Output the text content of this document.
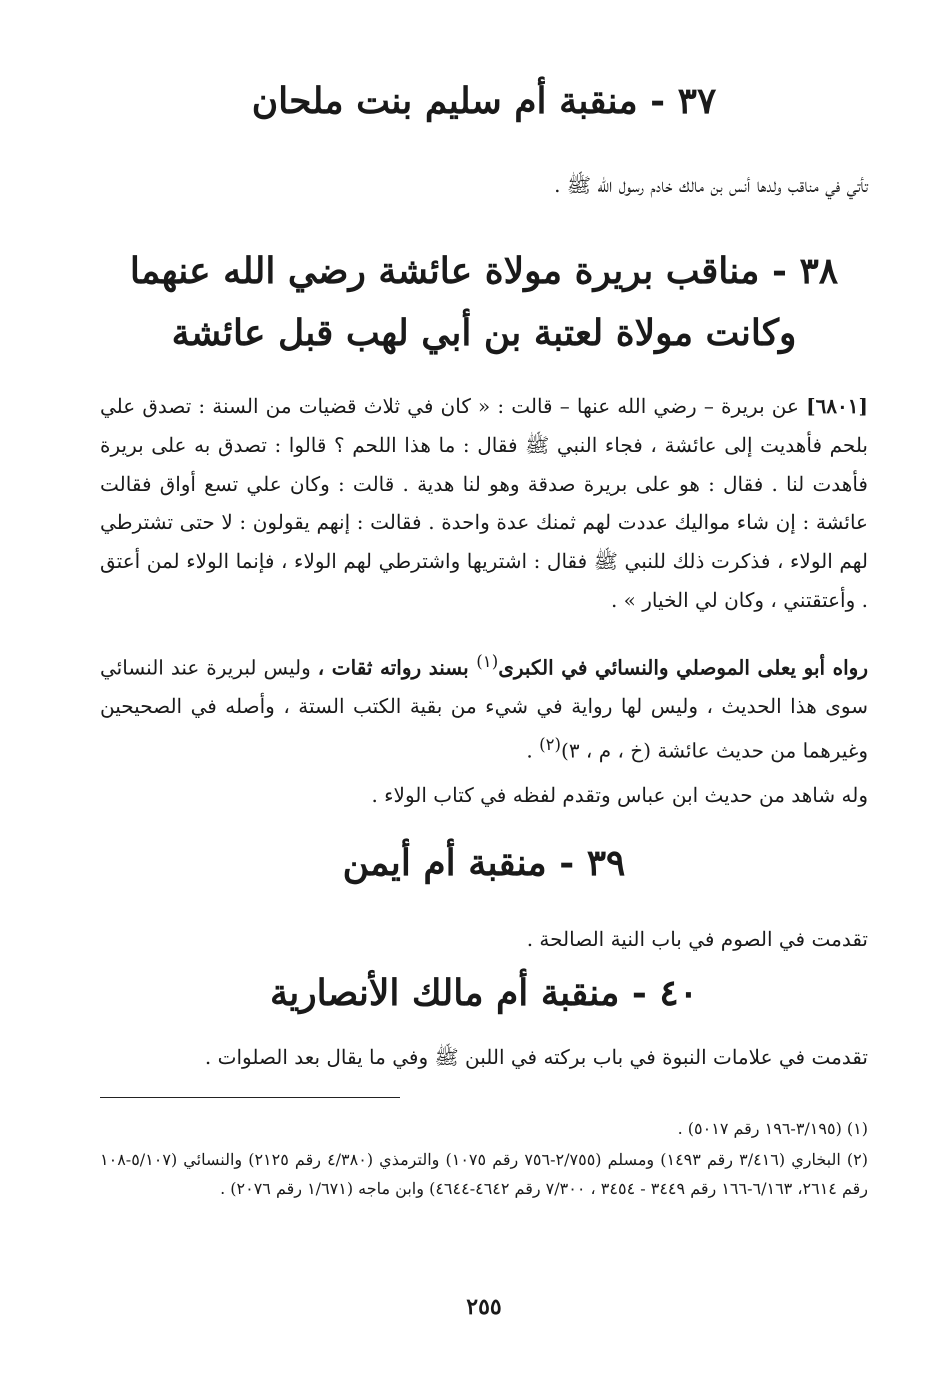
٣٧ - منقبة أم سليم بنت ملحان

تأتي في مناقب ولدها أنس بن مالك خادم رسول الله ﷺ .

٣٨ - مناقب بريرة مولاة عائشة رضي الله عنهما
وكانت مولاة لعتبة بن أبي لهب قبل عائشة

[٦٨٠١] عن بريرة – رضي الله عنها – قالت : « كان في ثلاث قضيات من السنة : تصدق علي بلحم فأهديت إلى عائشة ، فجاء النبي ﷺ فقال : ما هذا اللحم ؟ قالوا : تصدق به على بريرة فأهدت لنا . فقال : هو على بريرة صدقة وهو لنا هدية . قالت : وكان علي تسع أواق فقالت عائشة : إن شاء مواليك عددت لهم ثمنك عدة واحدة . فقالت : إنهم يقولون : لا حتى تشترطي لهم الولاء ، فذكرت ذلك للنبي ﷺ فقال : اشتريها واشترطي لهم الولاء ، فإنما الولاء لمن أعتق . وأعتقتني ، وكان لي الخيار » .

رواه أبو يعلى الموصلي والنسائي في الكبرى$^{(١)}$ بسند رواته ثقات ، وليس لبريرة عند النسائي سوى هذا الحديث ، وليس لها رواية في شيء من بقية الكتب الستة ، وأصله في الصحيحين وغيرهما من حديث عائشة (خ ، م ، ٣)$^{(٢)}$ .

وله شاهد من حديث ابن عباس وتقدم لفظه في كتاب الولاء .

٣٩ - منقبة أم أيمن

تقدمت في الصوم في باب النية الصالحة .

٤٠ - منقبة أم مالك الأنصارية

تقدمت في علامات النبوة في باب بركته في اللبن ﷺ وفي ما يقال بعد الصلوات .

(١) (٣/١٩٥-١٩٦ رقم ٥٠١٧) .

(٢) البخاري (٣/٤١٦ رقم ١٤٩٣) ومسلم (٢/٧٥٥-٧٥٦ رقم ١٠٧٥) والترمذي (٤/٣٨٠ رقم ٢١٢٥) والنسائي (٥/١٠٧-١٠٨ رقم ٢٦١٤، ٦/١٦٣-١٦٦ رقم ٣٤٤٩ - ٣٤٥٤ ، ٧/٣٠٠ رقم ٤٦٤٢-٤٦٤٤) وابن ماجه (١/٦٧١ رقم ٢٠٧٦) .

٢٥٥
